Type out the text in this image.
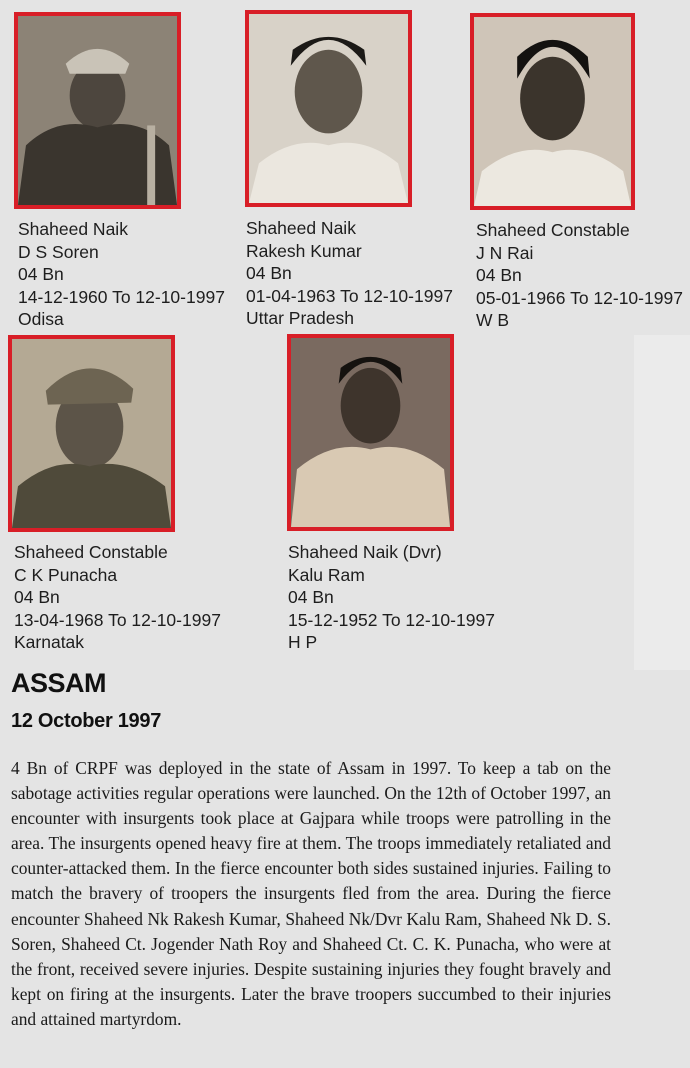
Shaheed Naik
D S Soren
04 Bn
14-12-1960 To 12-10-1997
Odisa
Shaheed Naik
Rakesh Kumar
04 Bn
01-04-1963 To 12-10-1997
Uttar Pradesh
Shaheed Constable
J N Rai
04 Bn
05-01-1966 To 12-10-1997
W B
Shaheed Constable
C K Punacha
04 Bn
13-04-1968 To 12-10-1997
Karnatak
Shaheed Naik (Dvr)
Kalu Ram
04 Bn
15-12-1952 To 12-10-1997
H P
ASSAM
12 October 1997

4 Bn of CRPF was deployed in the state of Assam in 1997. To keep a tab on the sabotage activities regular operations were launched. On the 12th of October 1997, an encounter with insurgents took place at Gajpara while troops were patrolling in the area. The insurgents opened heavy fire at them. The troops immediately retaliated and counter-attacked them. In the fierce encounter both sides sustained injuries. Failing to match the bravery of troopers the insurgents fled from the area. During the fierce encounter Shaheed Nk Rakesh Kumar, Shaheed Nk/Dvr Kalu Ram, Shaheed Nk D. S. Soren, Shaheed Ct. Jogender Nath Roy and Shaheed Ct. C. K. Punacha, who were at the front, received severe injuries. Despite sustaining injuries they fought bravely and kept on firing at the insurgents. Later the brave troopers succumbed to their injuries and attained martyrdom.
